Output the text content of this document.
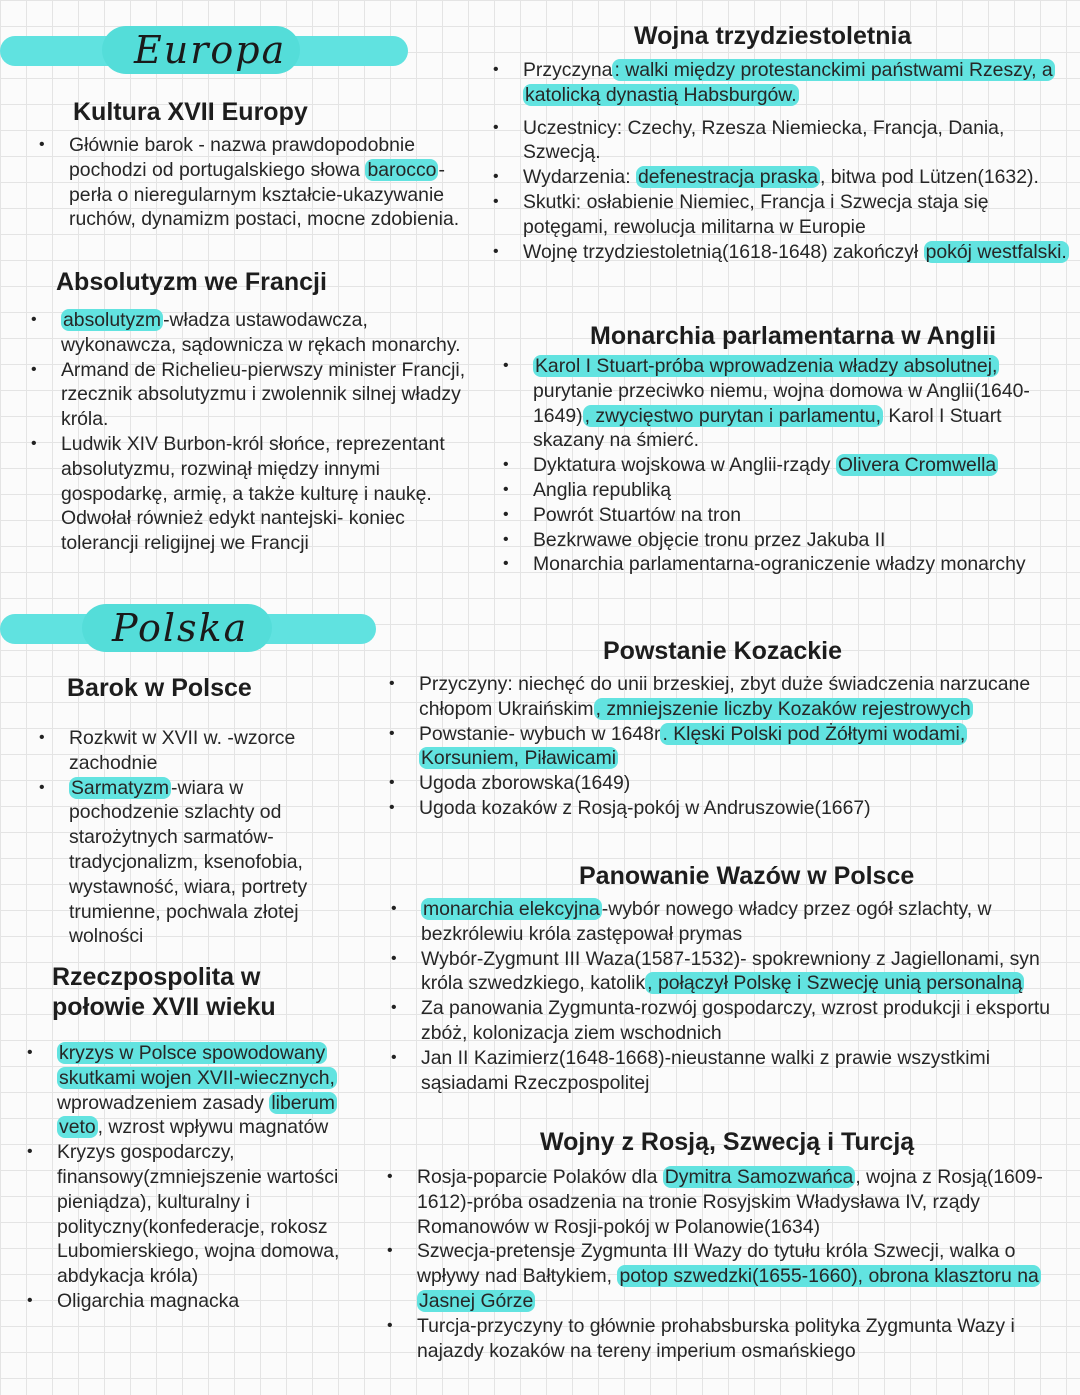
Europa
Polska
Kultura XVII Europy
• Głównie barok - nazwa prawdopodobnie pochodzi od portugalskiego słowa barocco - perła o nieregularnym kształcie-ukazywanie ruchów, dynamizm postaci, mocne zdobienia.
Absolutyzm we Francji
• absolutyzm -władza ustawodawcza, wykonawcza, sądownicza w rękach monarchy.
• Armand de Richelieu-pierwszy minister Francji, rzecznik absolutyzmu i zwolennik silnej władzy króla.
• Ludwik XIV Burbon-król słońce, reprezentant absolutyzmu, rozwinął między innymi gospodarkę, armię, a także kulturę i naukę. Odwołał również edykt nantejski- koniec tolerancji religijnej we Francji
Wojna trzydziestoletnia
• Przyczyna : walki między protestanckimi państwami Rzeszy, a katolicką dynastią Habsburgów.
• Uczestnicy: Czechy, Rzesza Niemiecka, Francja, Dania, Szwecją.
• Wydarzenia: defenestracja praska , bitwa pod Lützen(1632).
• Skutki: osłabienie Niemiec, Francja i Szwecja staja się potęgami, rewolucja militarna w Europie
• Wojnę trzydziestoletnią(1618-1648) zakończył pokój westfalski.
Monarchia parlamentarna w Anglii
• Karol I Stuart-próba wprowadzenia władzy absolutnej, purytanie przeciwko niemu, wojna domowa w Anglii(1640-1649) , zwycięstwo purytan i parlamentu, Karol I Stuart skazany na śmierć.
• Dyktatura wojskowa w Anglii-rządy Olivera Cromwella
• Anglia republiką
• Powrót Stuartów na tron
• Bezkrwawe objęcie tronu przez Jakuba II
• Monarchia parlamentarna-ograniczenie władzy monarchy
Barok w Polsce
• Rozkwit w XVII w. -wzorce zachodnie
• Sarmatyzm -wiara w pochodzenie szlachty od starożytnych sarmatów- tradycjonalizm, ksenofobia, wystawność, wiara, portrety trumienne, pochwala złotej wolności
Rzeczpospolita w
połowie XVII wieku
• kryzys w Polsce spowodowany skutkami wojen XVII-wiecznych, wprowadzeniem zasady liberum veto , wzrost wpływu magnatów
• Kryzys gospodarczy, finansowy(zmniejszenie wartości pieniądza), kulturalny i polityczny(konfederacje, rokosz Lubomierskiego, wojna domowa, abdykacja króla)
• Oligarchia magnacka
Powstanie Kozackie
• Przyczyny: niechęć do unii brzeskiej, zbyt duże świadczenia narzucane chłopom Ukraińskim , zmniejszenie liczby Kozaków rejestrowych
• Powstanie- wybuch w 1648r . Klęski Polski pod Żółtymi wodami, Korsuniem, Piławicami
• Ugoda zborowska(1649)
• Ugoda kozaków z Rosją-pokój w Andruszowie(1667)
Panowanie Wazów w Polsce
• monarchia elekcyjna -wybór nowego władcy przez ogół szlachty, w bezkrólewiu króla zastępował prymas
• Wybór-Zygmunt III Waza(1587-1532)- spokrewniony z Jagiellonami, syn króla szwedzkiego, katolik , połączył Polskę i Szwecję unią personalną
• Za panowania Zygmunta-rozwój gospodarczy, wzrost produkcji i eksportu zbóż, kolonizacja ziem wschodnich
• Jan II Kazimierz(1648-1668)-nieustanne walki z prawie wszystkimi sąsiadami Rzeczpospolitej
Wojny z Rosją, Szwecją i Turcją
• Rosja-poparcie Polaków dla Dymitra Samozwańca , wojna z Rosją(1609-1612)-próba osadzenia na tronie Rosyjskim Władysława IV, rządy Romanowów w Rosji-pokój w Polanowie(1634)
• Szwecja-pretensje Zygmunta III Wazy do tytułu króla Szwecji, walka o wpływy nad Bałtykiem, potop szwedzki(1655-1660), obrona klasztoru na Jasnej Górze
• Turcja-przyczyny to głównie prohabsburska polityka Zygmunta Wazy i najazdy kozaków na tereny imperium osmańskiego
